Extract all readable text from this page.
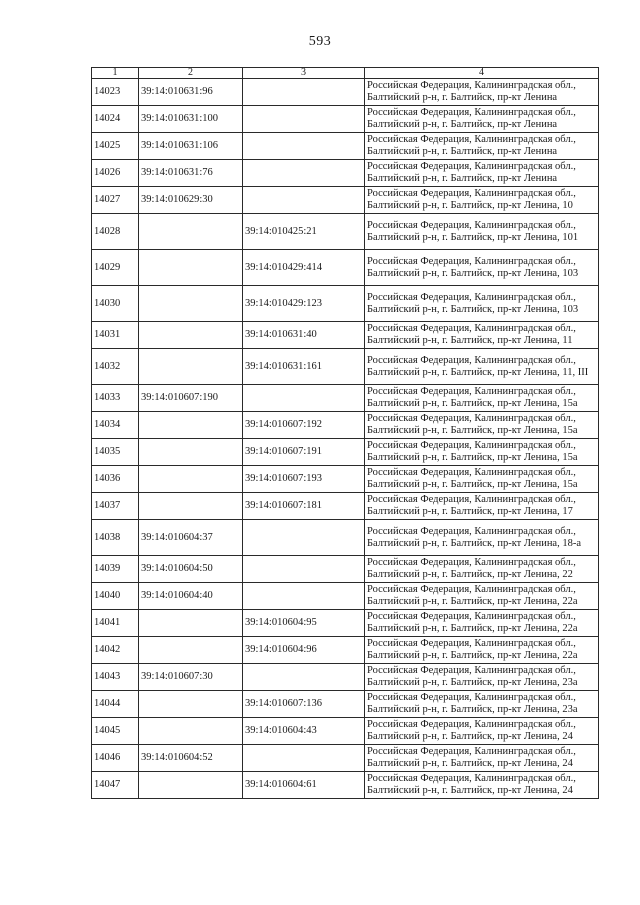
593
1	2	3	4
14023	39:14:010631:96		Российская Федерация, Калининградская обл., Балтийский р-н, г. Балтийск, пр-кт Ленина
14024	39:14:010631:100		Российская Федерация, Калининградская обл., Балтийский р-н, г. Балтийск, пр-кт Ленина
14025	39:14:010631:106		Российская Федерация, Калининградская обл., Балтийский р-н, г. Балтийск, пр-кт Ленина
14026	39:14:010631:76		Российская Федерация, Калининградская обл., Балтийский р-н, г. Балтийск, пр-кт Ленина
14027	39:14:010629:30		Российская Федерация, Калининградская обл., Балтийский р-н, г. Балтийск, пр-кт Ленина, 10
14028		39:14:010425:21	Российская Федерация, Калининградская обл., Балтийский р-н, г. Балтийск, пр-кт Ленина, 101
14029		39:14:010429:414	Российская Федерация, Калининградская обл., Балтийский р-н, г. Балтийск, пр-кт Ленина, 103
14030		39:14:010429:123	Российская Федерация, Калининградская обл., Балтийский р-н, г. Балтийск, пр-кт Ленина, 103
14031		39:14:010631:40	Российская Федерация, Калининградская обл., Балтийский р-н, г. Балтийск, пр-кт Ленина, 11
14032		39:14:010631:161	Российская Федерация, Калининградская обл., Балтийский р-н, г. Балтийск, пр-кт Ленина, 11, III
14033	39:14:010607:190		Российская Федерация, Калининградская обл., Балтийский р-н, г. Балтийск, пр-кт Ленина, 15а
14034		39:14:010607:192	Российская Федерация, Калининградская обл., Балтийский р-н, г. Балтийск, пр-кт Ленина, 15а
14035		39:14:010607:191	Российская Федерация, Калининградская обл., Балтийский р-н, г. Балтийск, пр-кт Ленина, 15а
14036		39:14:010607:193	Российская Федерация, Калининградская обл., Балтийский р-н, г. Балтийск, пр-кт Ленина, 15а
14037		39:14:010607:181	Российская Федерация, Калининградская обл., Балтийский р-н, г. Балтийск, пр-кт Ленина, 17
14038	39:14:010604:37		Российская Федерация, Калининградская обл., Балтийский р-н, г. Балтийск, пр-кт Ленина, 18-а
14039	39:14:010604:50		Российская Федерация, Калининградская обл., Балтийский р-н, г. Балтийск, пр-кт Ленина, 22
14040	39:14:010604:40		Российская Федерация, Калининградская обл., Балтийский р-н, г. Балтийск, пр-кт Ленина, 22а
14041		39:14:010604:95	Российская Федерация, Калининградская обл., Балтийский р-н, г. Балтийск, пр-кт Ленина, 22а
14042		39:14:010604:96	Российская Федерация, Калининградская обл., Балтийский р-н, г. Балтийск, пр-кт Ленина, 22а
14043	39:14:010607:30		Российская Федерация, Калининградская обл., Балтийский р-н, г. Балтийск, пр-кт Ленина, 23а
14044		39:14:010607:136	Российская Федерация, Калининградская обл., Балтийский р-н, г. Балтийск, пр-кт Ленина, 23а
14045		39:14:010604:43	Российская Федерация, Калининградская обл., Балтийский р-н, г. Балтийск, пр-кт Ленина, 24
14046	39:14:010604:52		Российская Федерация, Калининградская обл., Балтийский р-н, г. Балтийск, пр-кт Ленина, 24
14047		39:14:010604:61	Российская Федерация, Калининградская обл., Балтийский р-н, г. Балтийск, пр-кт Ленина, 24
